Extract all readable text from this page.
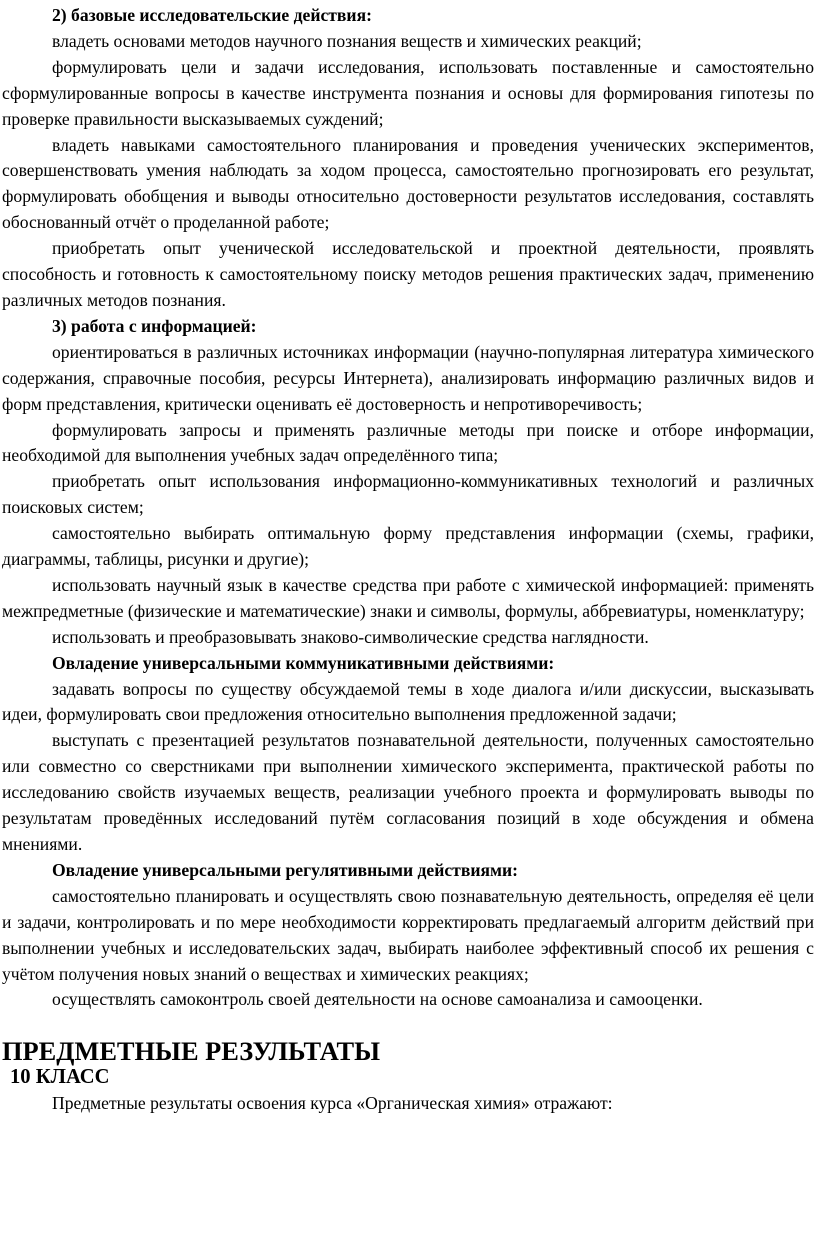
2) базовые исследовательские действия:

владеть основами методов научного познания веществ и химических реакций;

формулировать цели и задачи исследования, использовать поставленные и самостоятельно сформулированные вопросы в качестве инструмента познания и основы для формирования гипотезы по проверке правильности высказываемых суждений;

владеть навыками самостоятельного планирования и проведения ученических экспериментов, совершенствовать умения наблюдать за ходом процесса, самостоятельно прогнозировать его результат, формулировать обобщения и выводы относительно достоверности результатов исследования, составлять обоснованный отчёт о проделанной работе;

приобретать опыт ученической исследовательской и проектной деятельности, проявлять способность и готовность к самостоятельному поиску методов решения практических задач, применению различных методов познания.

3) работа с информацией:

ориентироваться в различных источниках информации (научно-популярная литература химического содержания, справочные пособия, ресурсы Интернета), анализировать информацию различных видов и форм представления, критически оценивать её достоверность и непротиворечивость;

формулировать запросы и применять различные методы при поиске и отборе информации, необходимой для выполнения учебных задач определённого типа;

приобретать опыт использования информационно-коммуникативных технологий и различных поисковых систем;

самостоятельно выбирать оптимальную форму представления информации (схемы, графики, диаграммы, таблицы, рисунки и другие);

использовать научный язык в качестве средства при работе с химической информацией: применять межпредметные (физические и математические) знаки и символы, формулы, аббревиатуры, номенклатуру;

использовать и преобразовывать знаково-символические средства наглядности.

Овладение универсальными коммуникативными действиями:

задавать вопросы по существу обсуждаемой темы в ходе диалога и/или дискуссии, высказывать идеи, формулировать свои предложения относительно выполнения предложенной задачи;

выступать с презентацией результатов познавательной деятельности, полученных самостоятельно или совместно со сверстниками при выполнении химического эксперимента, практической работы по исследованию свойств изучаемых веществ, реализации учебного проекта и формулировать выводы по результатам проведённых исследований путём согласования позиций в ходе обсуждения и обмена мнениями.

Овладение универсальными регулятивными действиями:

самостоятельно планировать и осуществлять свою познавательную деятельность, определяя её цели и задачи, контролировать и по мере необходимости корректировать предлагаемый алгоритм действий при выполнении учебных и исследовательских задач, выбирать наиболее эффективный способ их решения с учётом получения новых знаний о веществах и химических реакциях;

осуществлять самоконтроль своей деятельности на основе самоанализа и самооценки.

ПРЕДМЕТНЫЕ РЕЗУЛЬТАТЫ
10 КЛАСС

Предметные результаты освоения курса «Органическая химия» отражают:
